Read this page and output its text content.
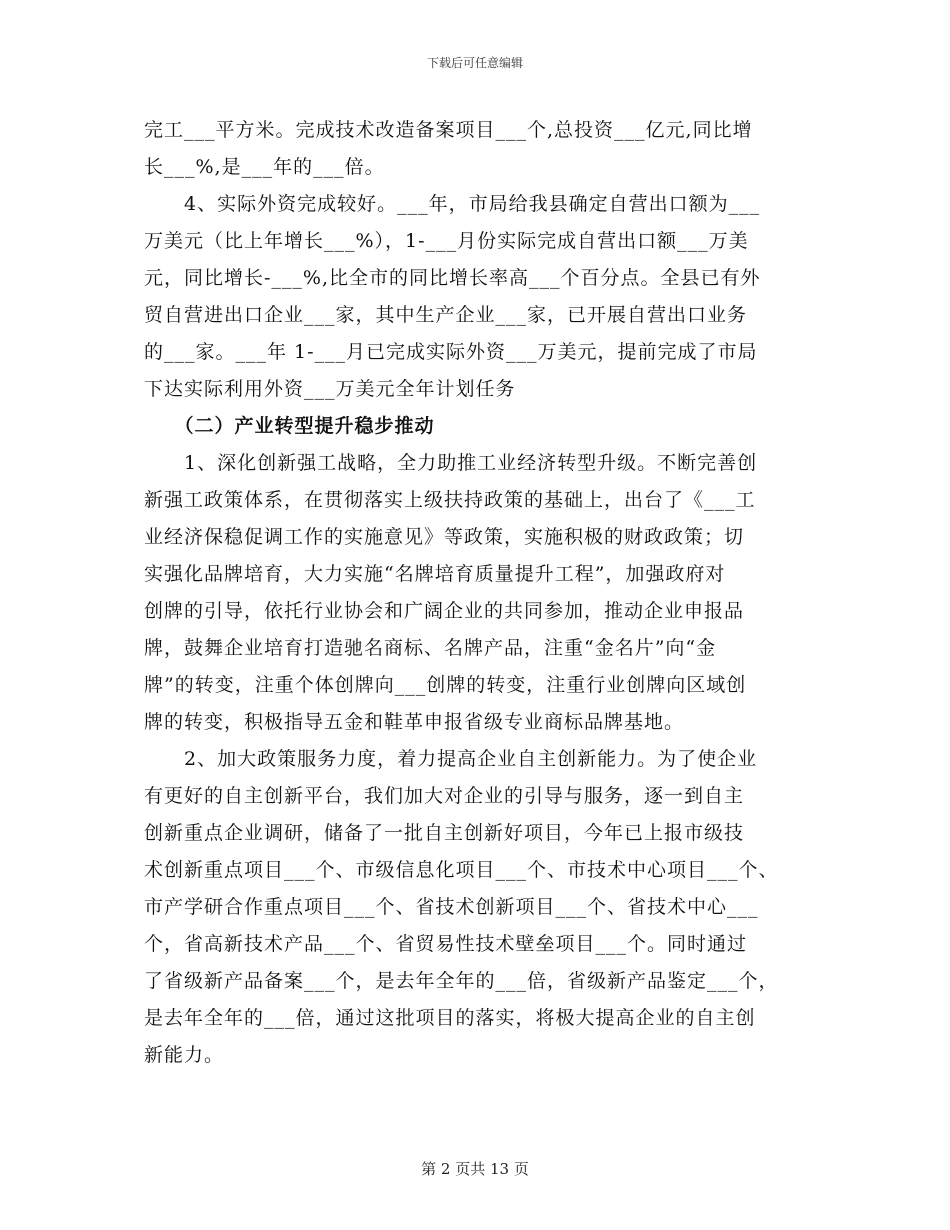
下载后可任意编辑
完工___平方米。完成技术改造备案项目___个,总投资___亿元,同比增
长___%,是___年的___倍。
　　4、实际外资完成较好。___年，市局给我县确定自营出口额为___
万美元（比上年增长___%），1-___月份实际完成自营出口额___万美
元，同比增长-___%,比全市的同比增长率高___个百分点。全县已有外
贸自营进出口企业___家，其中生产企业___家，已开展自营出口业务
的___家。___年 1-___月已完成实际外资___万美元，提前完成了市局
下达实际利用外资___万美元全年计划任务
　　（二）产业转型提升稳步推动
　　1、深化创新强工战略，全力助推工业经济转型升级。不断完善创
新强工政策体系，在贯彻落实上级扶持政策的基础上，出台了《___工
业经济保稳促调工作的实施意见》等政策，实施积极的财政政策；切
实强化品牌培育，大力实施“名牌培育质量提升工程”，加强政府对
创牌的引导，依托行业协会和广阔企业的共同参加，推动企业申报品
牌，鼓舞企业培育打造驰名商标、名牌产品，注重“金名片”向“金
牌”的转变，注重个体创牌向___创牌的转变，注重行业创牌向区域创
牌的转变，积极指导五金和鞋革申报省级专业商标品牌基地。
　　2、加大政策服务力度，着力提高企业自主创新能力。为了使企业
有更好的自主创新平台，我们加大对企业的引导与服务，逐一到自主
创新重点企业调研，储备了一批自主创新好项目，今年已上报市级技
术创新重点项目___个、市级信息化项目___个、市技术中心项目___个、
市产学研合作重点项目___个、省技术创新项目___个、省技术中心___
个，省高新技术产品___个、省贸易性技术壁垒项目___个。同时通过
了省级新产品备案___个，是去年全年的___倍，省级新产品鉴定___个，
是去年全年的___倍，通过这批项目的落实，将极大提高企业的自主创
新能力。
第 2 页共 13 页
